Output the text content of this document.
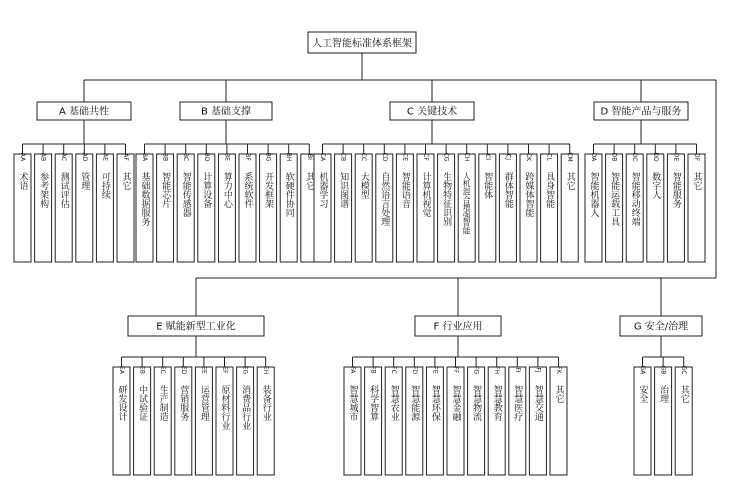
人工智能标准体系框架
A 基础共性
AA
术语
AB
参考架构
AC
测试评估
AD
管理
AE
可持续
AF
其它
B 基础支撑
BA
基础数据服务
BB
智能芯片
BC
智能传感器
BD
计算设备
BE
算力中心
BF
系统软件
BG
开发框架
BH
软硬件协同
BI
其它
C 关键技术
CA
机器学习
CB
知识图谱
CC
大模型
CD
自然语言处理
CE
智能语音
CF
计算机视觉
CG
生物特征识别
CH
人机混合增强智能
CI
智能体
CJ
群体智能
CK
跨媒体智能
CL
具身智能
CM
其它
D 智能产品与服务
DA
智能机器人
DB
智能运载工具
DC
智能移动终端
DD
数字人
DE
智能服务
DF
其它
E 赋能新型工业化
EA
研发设计
EB
中试验证
EC
生产制造
ED
营销服务
EE
运营管理
EF
原材料行业
EG
消费品行业
EH
装备行业
F 行业应用
FA
智慧城市
FB
科学智算
FC
智慧农业
FD
智慧能源
FE
智慧环保
FF
智慧金融
FG
智慧物流
FH
智慧教育
FI
智慧医疗
FJ
智慧交通
FK
其它
G 安全/治理
GA
安全
GB
治理
GC
其它
